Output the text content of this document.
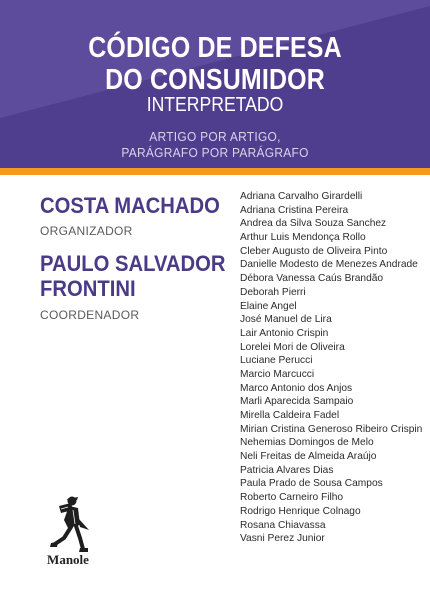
CÓDIGO DE DEFESA
DO CONSUMIDOR
INTERPRETADO
ARTIGO POR ARTIGO,
PARÁGRAFO POR PARÁGRAFO
COSTA MACHADO
ORGANIZADOR
PAULO SALVADOR
FRONTINI
COORDENADOR
Adriana Carvalho Girardelli
Adriana Cristina Pereira
Andrea da Silva Souza Sanchez
Arthur Luis Mendonça Rollo
Cleber Augusto de Oliveira Pinto
Danielle Modesto de Menezes Andrade
Débora Vanessa Caús Brandão
Deborah Pierri
Elaine Angel
José Manuel de Lira
Lair Antonio Crispin
Lorelei Mori de Oliveira
Luciane Perucci
Marcio Marcucci
Marco Antonio dos Anjos
Marli Aparecida Sampaio
Mirella Caldeira Fadel
Mirian Cristina Generoso Ribeiro Crispin
Nehemias Domingos de Melo
Neli Freitas de Almeida Araújo
Patricia Alvares Dias
Paula Prado de Sousa Campos
Roberto Carneiro Filho
Rodrigo Henrique Colnago
Rosana Chiavassa
Vasni Perez Junior
Manole
